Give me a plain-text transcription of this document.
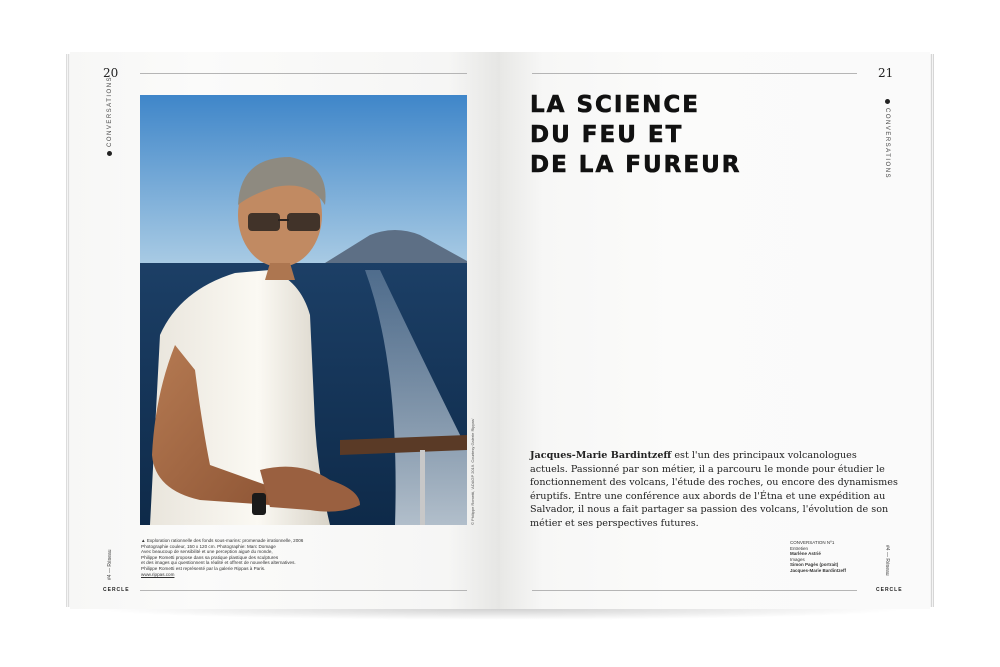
20
CONVERSATIONS
#4 — Réseau
© Philippe Rometti, 'ADAGP 2019. Courtesy Galerie Rippas'
▲ Exploration rationnelle des fonds sous-marins: promenade irrationnelle, 2006
Photographie couleur, 150 x 120 cm. Photographie: Marc Domage
Avec beaucoup de sensibilité et une perception aiguë du monde,
Philippe Rometti propose dans sa pratique plastique des sculptures
et des images qui questionnent la réalité et offrent de nouvelles alternatives.
Philippe Rometti est représenté par la galerie Rippas à Paris.
www.rippas.com
CERCLE
21
CONVERSATIONS
#4 — Réseau
LA SCIENCE
DU FEU ET
DE LA FUREUR
Jacques-Marie Bardintzeff est l'un des principaux volcanologues
actuels. Passionné par son métier, il a parcouru le monde pour étudier le
fonctionnement des volcans, l'étude des roches, ou encore des dynamismes
éruptifs. Entre une conférence aux abords de l'Étna et une expédition au
Salvador, il nous a fait partager sa passion des volcans, l'évolution de son
métier et ses perspectives futures.
CONVERSATION Nº1
Entretien
Marlène Astrié
Images
Simon Pagès (portrait)
Jacques-Marie Bardintzeff
CERCLE
